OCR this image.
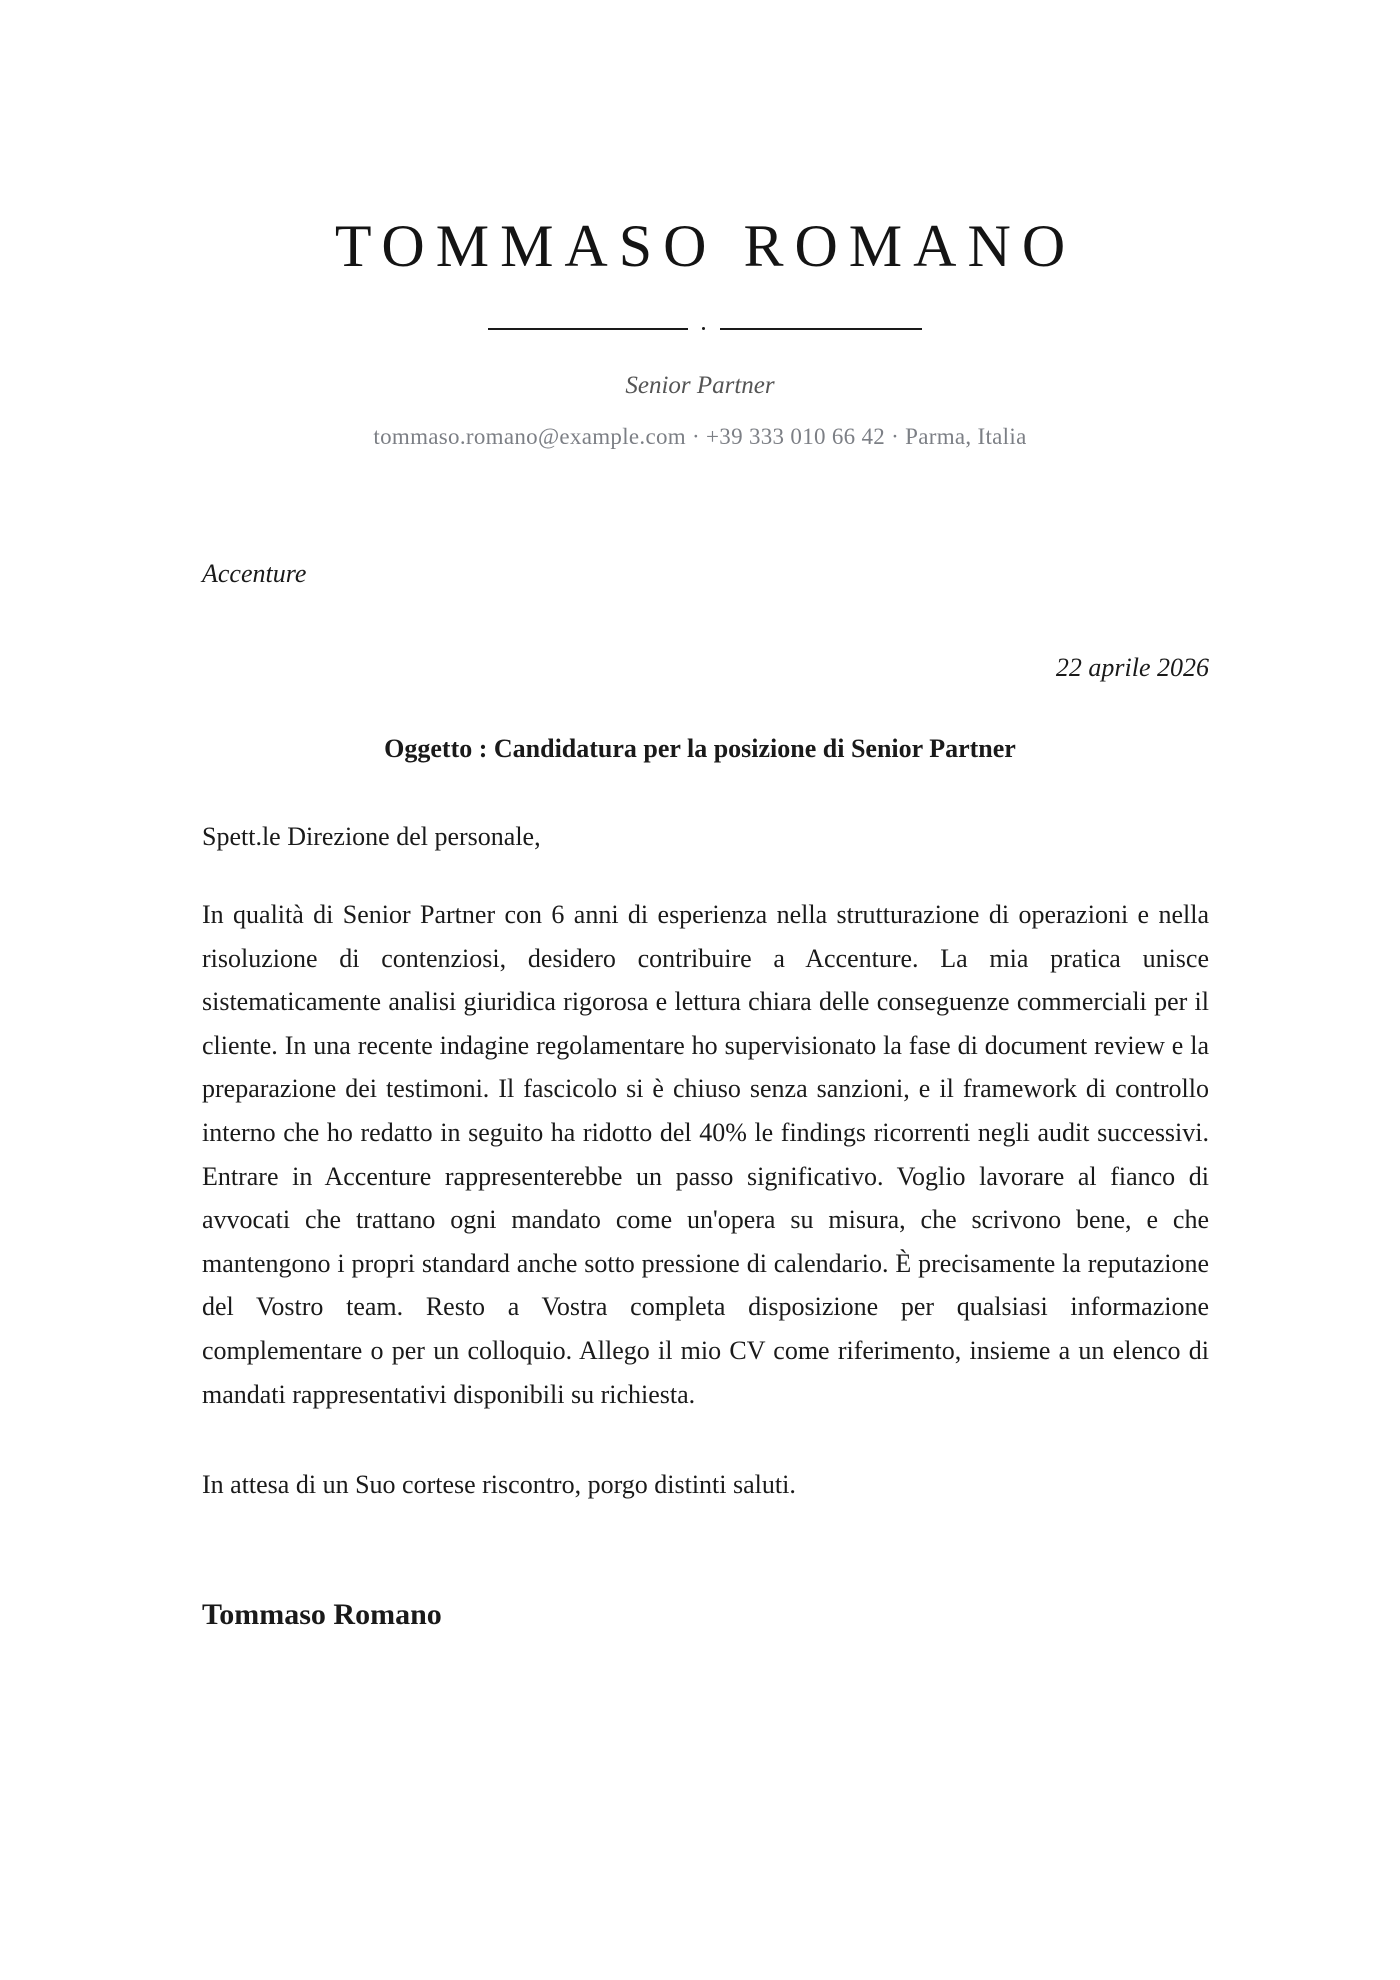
TOMMASO ROMANO
Senior Partner
tommaso.romano@example.com · +39 333 010 66 42 · Parma, Italia
Accenture
22 aprile 2026
Oggetto : Candidatura per la posizione di Senior Partner
Spett.le Direzione del personale,
In qualità di Senior Partner con 6 anni di esperienza nella strutturazione di operazioni e nella risoluzione di contenziosi, desidero contribuire a Accenture. La mia pratica unisce sistematicamente analisi giuridica rigorosa e lettura chiara delle conseguenze commerciali per il cliente. In una recente indagine regolamentare ho supervisionato la fase di document review e la preparazione dei testimoni. Il fascicolo si è chiuso senza sanzioni, e il framework di controllo interno che ho redatto in seguito ha ridotto del 40% le findings ricorrenti negli audit successivi. Entrare in Accenture rappresenterebbe un passo significativo. Voglio lavorare al fianco di avvocati che trattano ogni mandato come un'opera su misura, che scrivono bene, e che mantengono i propri standard anche sotto pressione di calendario. È precisamente la reputazione del Vostro team. Resto a Vostra completa disposizione per qualsiasi informazione complementare o per un colloquio. Allego il mio CV come riferimento, insieme a un elenco di mandati rappresentativi disponibili su richiesta.
In attesa di un Suo cortese riscontro, porgo distinti saluti.
Tommaso Romano
